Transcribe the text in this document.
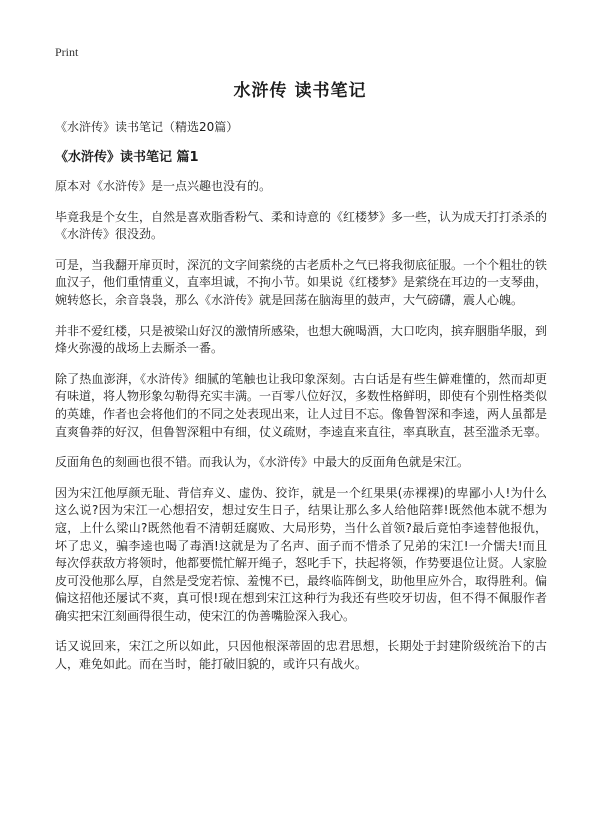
Print
水浒传 读书笔记

《水浒传》读书笔记（精选20篇）

《水浒传》读书笔记 篇1

原本对《水浒传》是一点兴趣也没有的。

毕竟我是个女生，自然是喜欢脂香粉气、柔和诗意的《红楼梦》多一些，认为成天打打杀杀的《水浒传》很没劲。

可是，当我翻开扉页时，深沉的文字间萦绕的古老质朴之气已将我彻底征服。一个个粗壮的铁血汉子，他们重情重义，直率坦诚，不拘小节。如果说《红楼梦》是萦绕在耳边的一支琴曲，婉转悠长，余音袅袅，那么《水浒传》就是回荡在脑海里的鼓声，大气磅礴，震人心魄。

并非不爱红楼，只是被梁山好汉的激情所感染，也想大碗喝酒，大口吃肉，摈弃胭脂华服，到烽火弥漫的战场上去厮杀一番。

除了热血澎湃，《水浒传》细腻的笔触也让我印象深刻。古白话是有些生僻难懂的，然而却更有味道，将人物形象勾勒得充实丰满。一百零八位好汉，多数性格鲜明，即使有个别性格类似的英雄，作者也会将他们的不同之处表现出来，让人过目不忘。像鲁智深和李逵，两人虽都是直爽鲁莽的好汉，但鲁智深粗中有细，仗义疏财，李逵直来直往，率真耿直，甚至滥杀无辜。

反面角色的刻画也很不错。而我认为，《水浒传》中最大的反面角色就是宋江。

因为宋江他厚颜无耻、背信弃义、虚伪、狡诈，就是一个红果果(赤裸裸)的卑鄙小人!为什么这么说?因为宋江一心想招安，想过安生日子，结果让那么多人给他陪葬!既然他本就不想为寇，上什么梁山?既然他看不清朝廷腐败、大局形势，当什么首领?最后竟怕李逵替他报仇，坏了忠义，骗李逵也喝了毒酒!这就是为了名声、面子而不惜杀了兄弟的宋江!一介懦夫!而且每次俘获敌方将领时，他都要慌忙解开绳子，怒叱手下，扶起将领，作势要退位让贤。人家脸皮可没他那么厚，自然是受宠若惊、羞愧不已，最终临阵倒戈，助他里应外合，取得胜利。偏偏这招他还屡试不爽，真可恨!现在想到宋江这种行为我还有些咬牙切齿，但不得不佩服作者确实把宋江刻画得很生动，使宋江的伪善嘴脸深入我心。

话又说回来，宋江之所以如此，只因他根深蒂固的忠君思想，长期处于封建阶级统治下的古人，难免如此。而在当时，能打破旧貌的，或许只有战火。
